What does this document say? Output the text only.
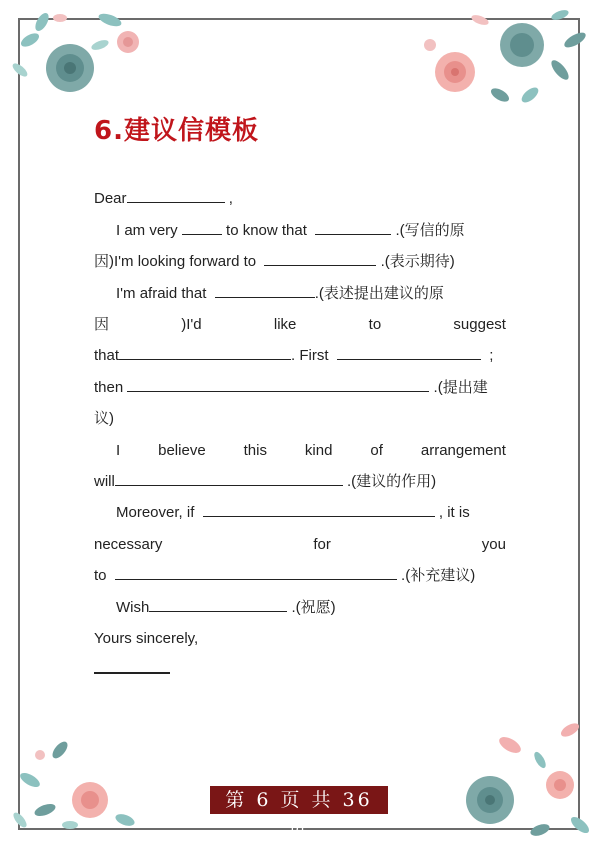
6.建议信模板
Dear	,
I am very	to know that	.(写信的原
因)I'm looking forward to	.(表示期待)
I'm afraid that	.(表述提出建议的原
因	)I'd	like	to	suggest
that	. First	;
then	.(提出建
议)
I	believe	this	kind	of	arrangement
will	.(建议的作用)
Moreover, if	, it is
necessary	for	you
to	.(补充建议)
Wish	.(祝愿)
Yours sincerely,
第 6 页 共 36 页
